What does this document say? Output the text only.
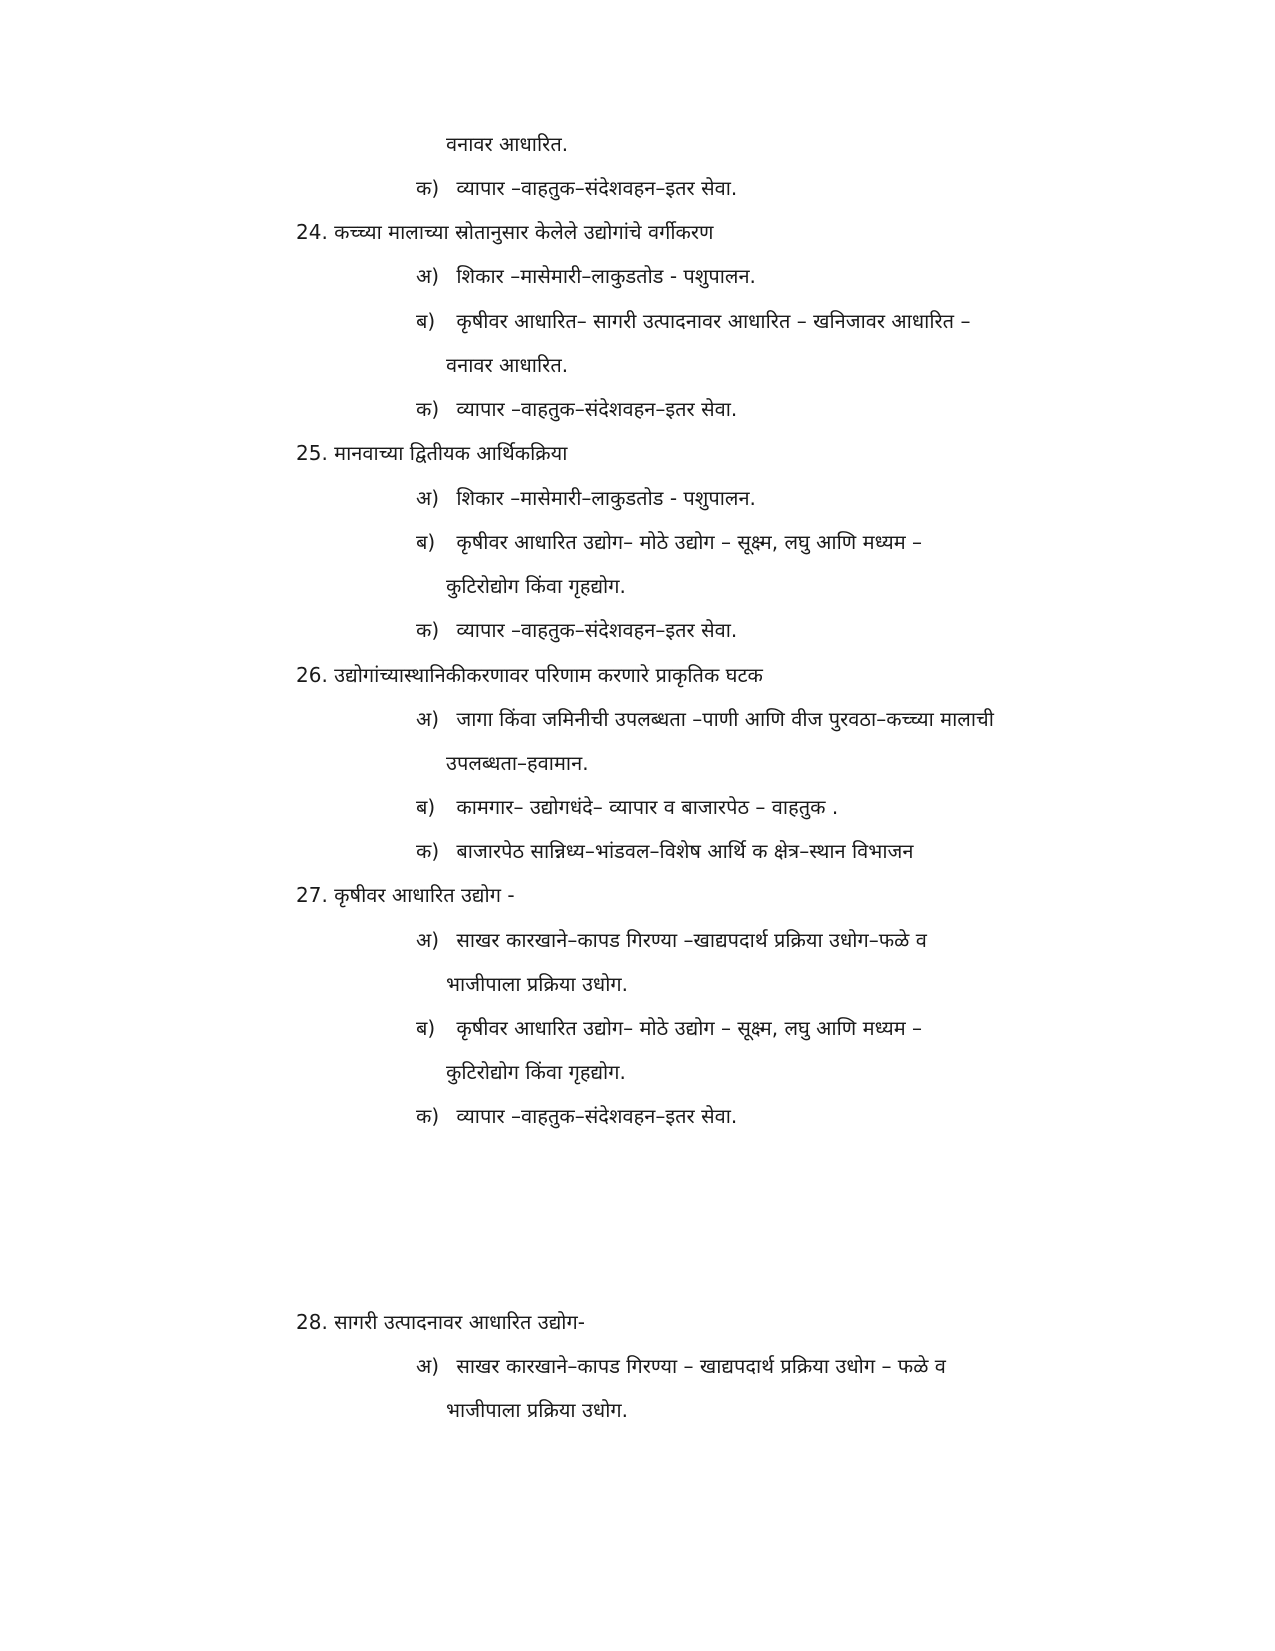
वनावर आधारित.
क) व्यापार –वाहतुक–संदेशवहन–इतर सेवा.
24. कच्च्या मालाच्या स्रोतानुसार केलेले उद्योगांचे वर्गीकरण
अ) शिकार –मासेमारी–लाकुडतोड - पशुपालन.
ब) कृषीवर आधारित– सागरी उत्पादनावर आधारित – खनिजावर आधारित –
वनावर आधारित.
क) व्यापार –वाहतुक–संदेशवहन–इतर सेवा.
25. मानवाच्या द्वितीयक आर्थिकक्रिया
अ) शिकार –मासेमारी–लाकुडतोड - पशुपालन.
ब) कृषीवर आधारित उद्योग– मोठे उद्योग – सूक्ष्म, लघु आणि मध्यम –
कुटिरोद्योग किंवा गृहद्योग.
क) व्यापार –वाहतुक–संदेशवहन–इतर सेवा.
26. उद्योगांच्यास्थानिकीकरणावर परिणाम करणारे प्राकृतिक घटक
अ) जागा किंवा जमिनीची उपलब्धता –पाणी आणि वीज पुरवठा–कच्च्या मालाची
उपलब्धता–हवामान.
ब) कामगार– उद्योगधंदे– व्यापार व बाजारपेठ – वाहतुक .
क) बाजारपेठ सान्निध्य–भांडवल–विशेष आर्थि क क्षेत्र–स्थान विभाजन
27. कृषीवर आधारित उद्योग -
अ) साखर कारखाने–कापड गिरण्या –खाद्यपदार्थ प्रक्रिया उधोग–फळे व
भाजीपाला प्रक्रिया उधोग.
ब) कृषीवर आधारित उद्योग– मोठे उद्योग – सूक्ष्म, लघु आणि मध्यम –
कुटिरोद्योग किंवा गृहद्योग.
क) व्यापार –वाहतुक–संदेशवहन–इतर सेवा.
28. सागरी उत्पादनावर आधारित उद्योग-
अ) साखर कारखाने–कापड गिरण्या – खाद्यपदार्थ प्रक्रिया उधोग – फळे व
भाजीपाला प्रक्रिया उधोग.
